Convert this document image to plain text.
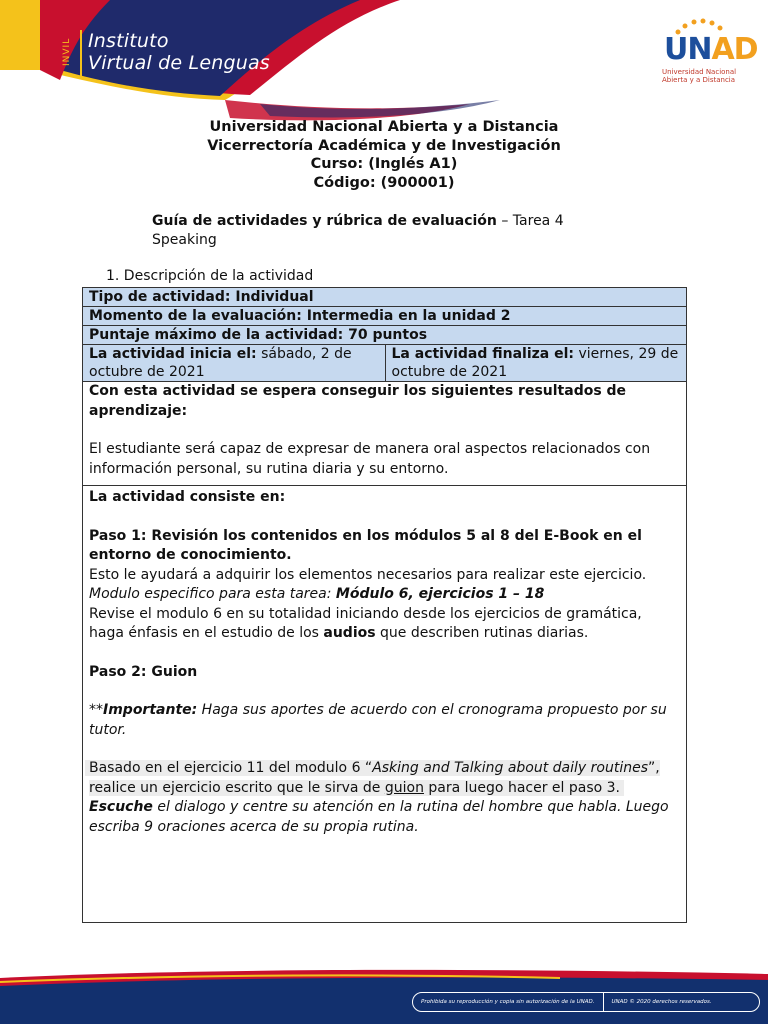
INVIL Instituto
Virtual de Lenguas	UNAD
Universidad Nacional
Abierta y a Distancia
Universidad Nacional Abierta y a Distancia
Vicerrectoría Académica y de Investigación
Curso: (Inglés A1)
Código: (900001)
Guía de actividades y rúbrica de evaluación – Tarea 4
Speaking
1. Descripción de la actividad
Tipo de actividad: Individual
Momento de la evaluación: Intermedia en la unidad 2
Puntaje máximo de la actividad: 70 puntos
La actividad inicia el: sábado, 2 de octubre de 2021
La actividad finaliza el: viernes, 29 de octubre de 2021
Con esta actividad se espera conseguir los siguientes resultados de aprendizaje:
El estudiante será capaz de expresar de manera oral aspectos relacionados con información personal, su rutina diaria y su entorno.
La actividad consiste en:
Paso 1: Revisión los contenidos en los módulos 5 al 8 del E-Book en el entorno de conocimiento.
Esto le ayudará a adquirir los elementos necesarios para realizar este ejercicio.
Modulo especifico para esta tarea: Módulo 6, ejercicios 1 – 18
Revise el modulo 6 en su totalidad iniciando desde los ejercicios de gramática, haga énfasis en el estudio de los audios que describen rutinas diarias.
Paso 2: Guion
**Importante: Haga sus aportes de acuerdo con el cronograma propuesto por su tutor.
Basado en el ejercicio 11 del modulo 6 “Asking and Talking about daily routines”, realice un ejercicio escrito que le sirva de guion para luego hacer el paso 3.
Escuche el dialogo y centre su atención en la rutina del hombre que habla. Luego escriba 9 oraciones acerca de su propia rutina.
Prohibida su reproducción y copia sin autorización de la UNAD.	UNAD © 2020 derechos reservados.
